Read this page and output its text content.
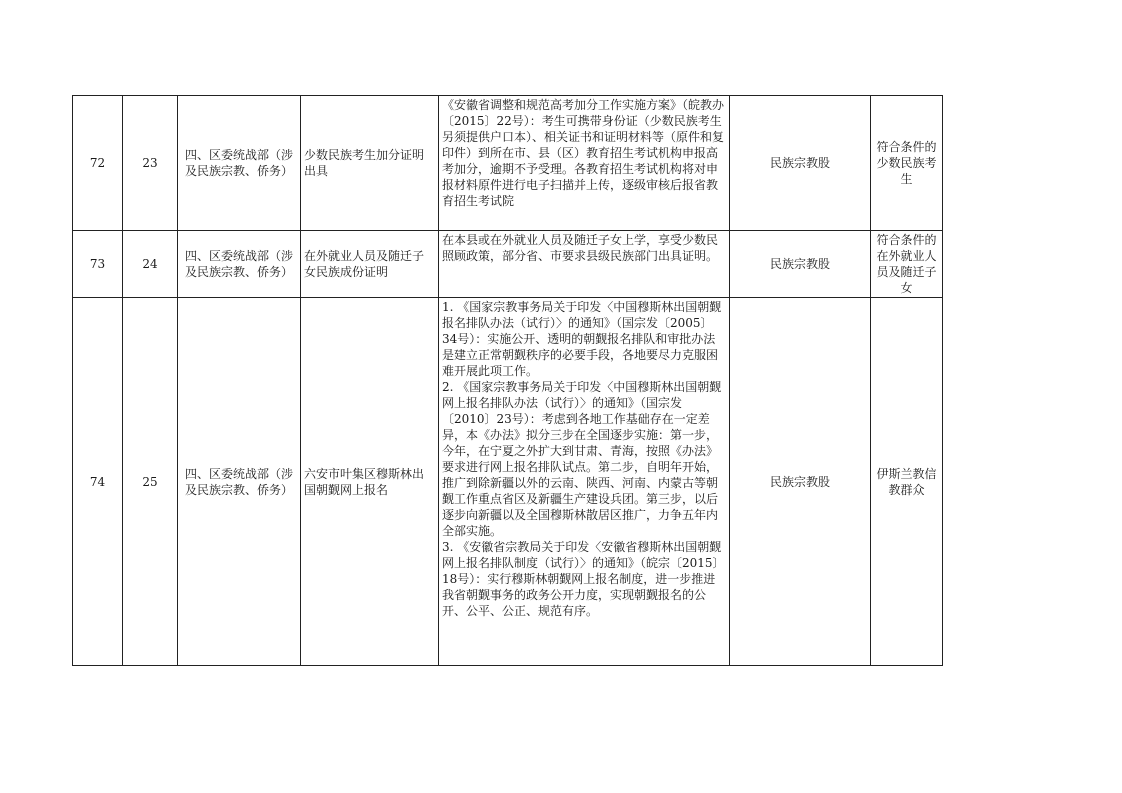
72	23	四、区委统战部（涉及民族宗教、侨务）	少数民族考生加分证明出具	《安徽省调整和规范高考加分工作实施方案》（皖教办〔2015〕22号）：考生可携带身份证（少数民族考生另须提供户口本）、相关证书和证明材料等（原件和复印件）到所在市、县（区）教育招生考试机构申报高考加分，逾期不予受理。各教育招生考试机构将对申报材料原件进行电子扫描并上传，逐级审核后报省教育招生考试院	民族宗教股	符合条件的少数民族考生
73	24	四、区委统战部（涉及民族宗教、侨务）	在外就业人员及随迁子女民族成份证明	在本县或在外就业人员及随迁子女上学，享受少数民照顾政策，部分省、市要求县级民族部门出具证明。	民族宗教股	符合条件的在外就业人员及随迁子女
74	25	四、区委统战部（涉及民族宗教、侨务）	六安市叶集区穆斯林出国朝觐网上报名	1. 《国家宗教事务局关于印发〈中国穆斯林出国朝觐报名排队办法（试行）〉的通知》（国宗发〔2005〕34号）：实施公开、透明的朝觐报名排队和审批办法是建立正常朝觐秩序的必要手段，各地要尽力克服困难开展此项工作。
2. 《国家宗教事务局关于印发〈中国穆斯林出国朝觐网上报名排队办法（试行）〉的通知》（国宗发〔2010〕23号）：考虑到各地工作基础存在一定差异，本《办法》拟分三步在全国逐步实施：第一步，今年，在宁夏之外扩大到甘肃、青海，按照《办法》要求进行网上报名排队试点。第二步，自明年开始，推广到除新疆以外的云南、陕西、河南、内蒙古等朝觐工作重点省区及新疆生产建设兵团。第三步，以后逐步向新疆以及全国穆斯林散居区推广，力争五年内全部实施。
3. 《安徽省宗教局关于印发〈安徽省穆斯林出国朝觐网上报名排队制度（试行）〉的通知》（皖宗〔2015〕18号）：实行穆斯林朝觐网上报名制度，进一步推进我省朝觐事务的政务公开力度，实现朝觐报名的公开、公平、公正、规范有序。	民族宗教股	伊斯兰教信教群众
